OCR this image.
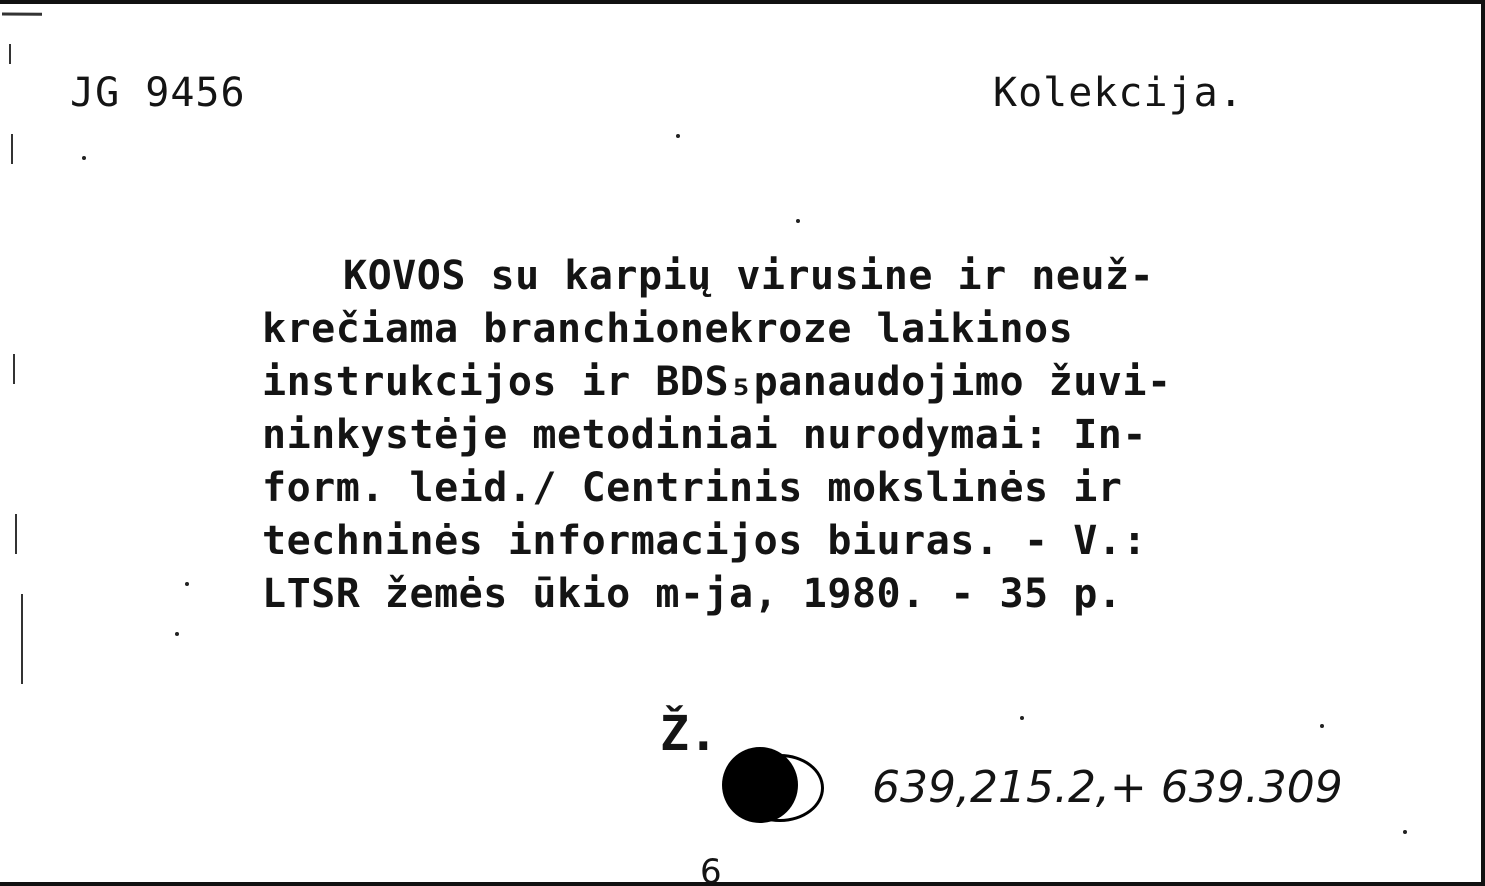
JG 9456	Kolekcija.
KOVOS su karpių virusine ir neuž-
krečiama branchionekroze laikinos
instrukcijos ir BDS₅panaudojimo žuvi-
ninkystėje metodiniai nurodymai: In-
form. leid./ Centrinis mokslinės ir
techninės informacijos biuras. - V.:
LTSR žemės ūkio m-ja, 1980. - 35 p.
Ž.
639,215.2,+ 639.309
6
